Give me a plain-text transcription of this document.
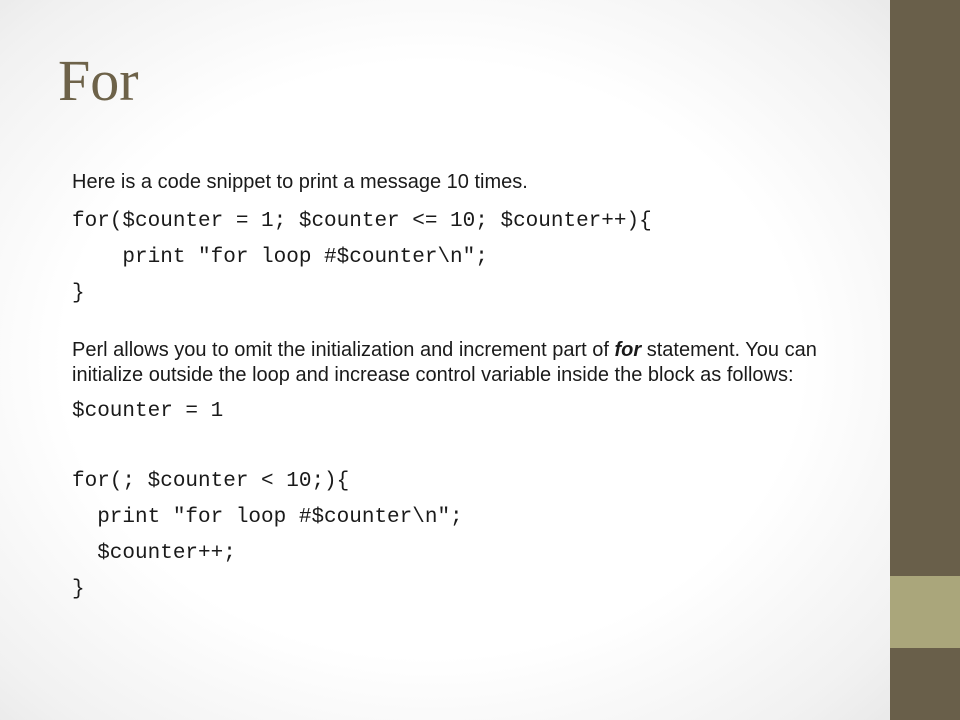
For
Here is a code snippet to print a message 10 times.
for($counter = 1; $counter <= 10; $counter++){
print "for loop #$counter\n";
}

Perl allows you to omit the initialization and increment part of for statement. You can initialize outside the loop and increase control variable inside the block as follows:

$counter = 1
for(; $counter < 10;){
print "for loop #$counter\n";
$counter++;
}
